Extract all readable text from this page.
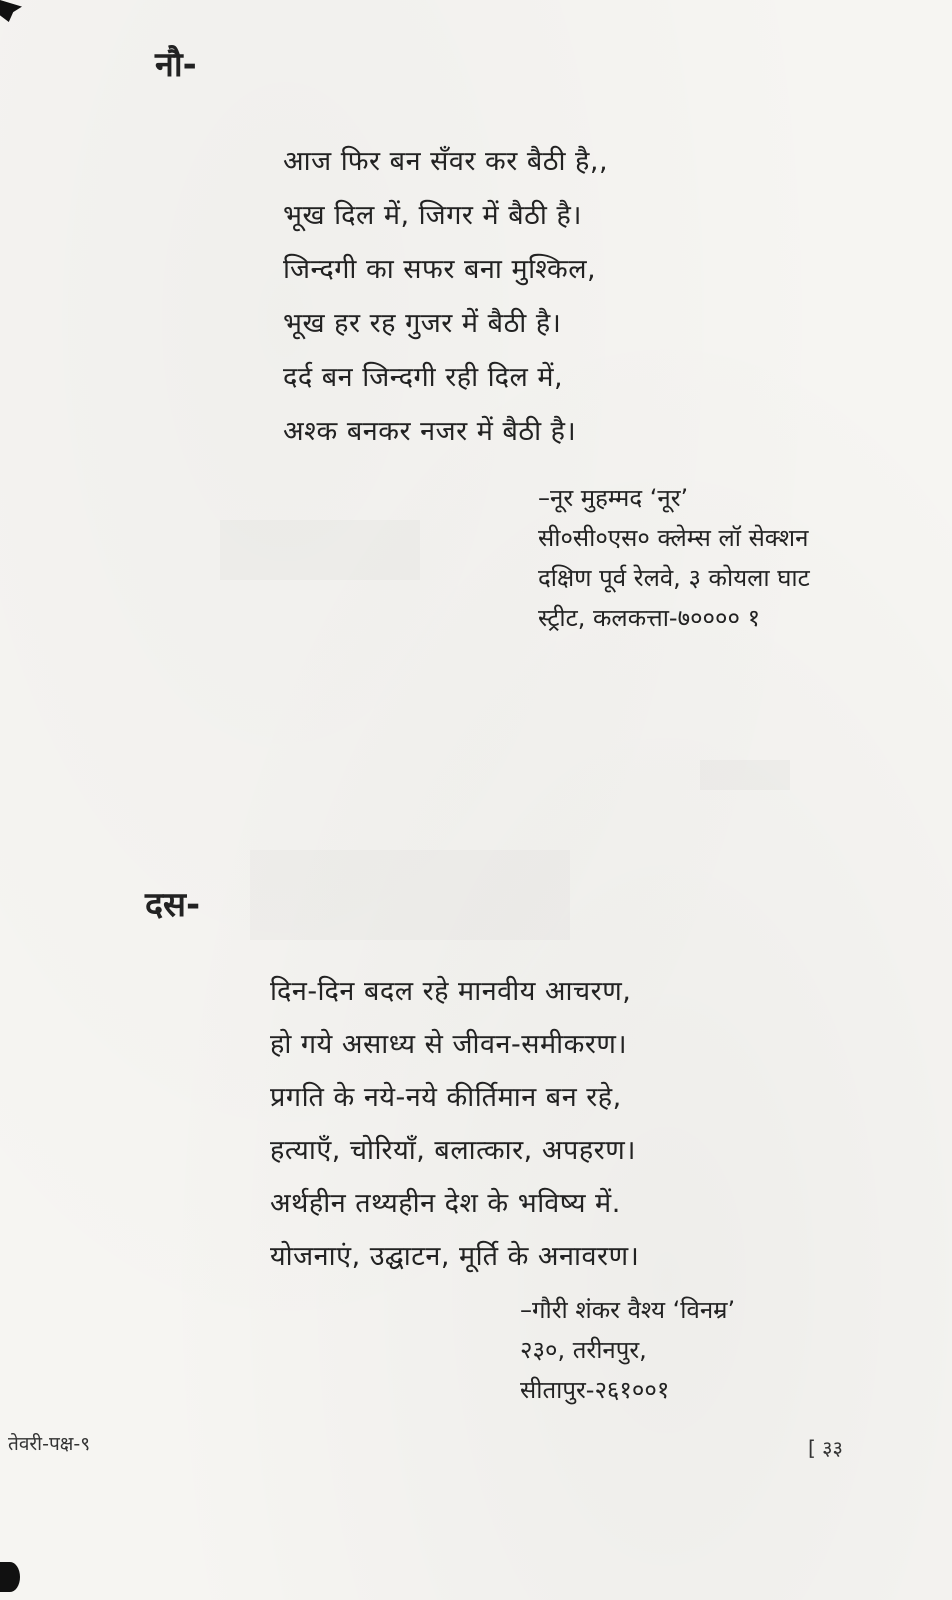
नौ-
आज फिर बन सँवर कर बैठी है,,
भूख दिल में, जिगर में बैठी है।
जिन्दगी का सफर बना मुश्किल,
भूख हर रह गुजर में बैठी है।
दर्द बन जिन्दगी रही दिल में,
अश्क बनकर नजर में बैठी है।
–नूर मुहम्मद ‘नूर’
सी०सी०एस० क्लेम्स लॉ सेक्शन
दक्षिण पूर्व रेलवे, ३ कोयला घाट
स्ट्रीट, कलकत्ता-७०००० १
दस-
दिन-दिन बदल रहे मानवीय आचरण,
हो गये असाध्य से जीवन-समीकरण।
प्रगति के नये-नये कीर्तिमान बन रहे,
हत्याएँ, चोरियाँ, बलात्कार, अपहरण।
अर्थहीन तथ्यहीन देश के भविष्य में.
योजनाएं, उद्घाटन, मूर्ति के अनावरण।
–गौरी शंकर वैश्य ‘विनम्र’
२३०, तरीनपुर,
सीतापुर-२६१००१
तेवरी-पक्ष-९	[ ३३
